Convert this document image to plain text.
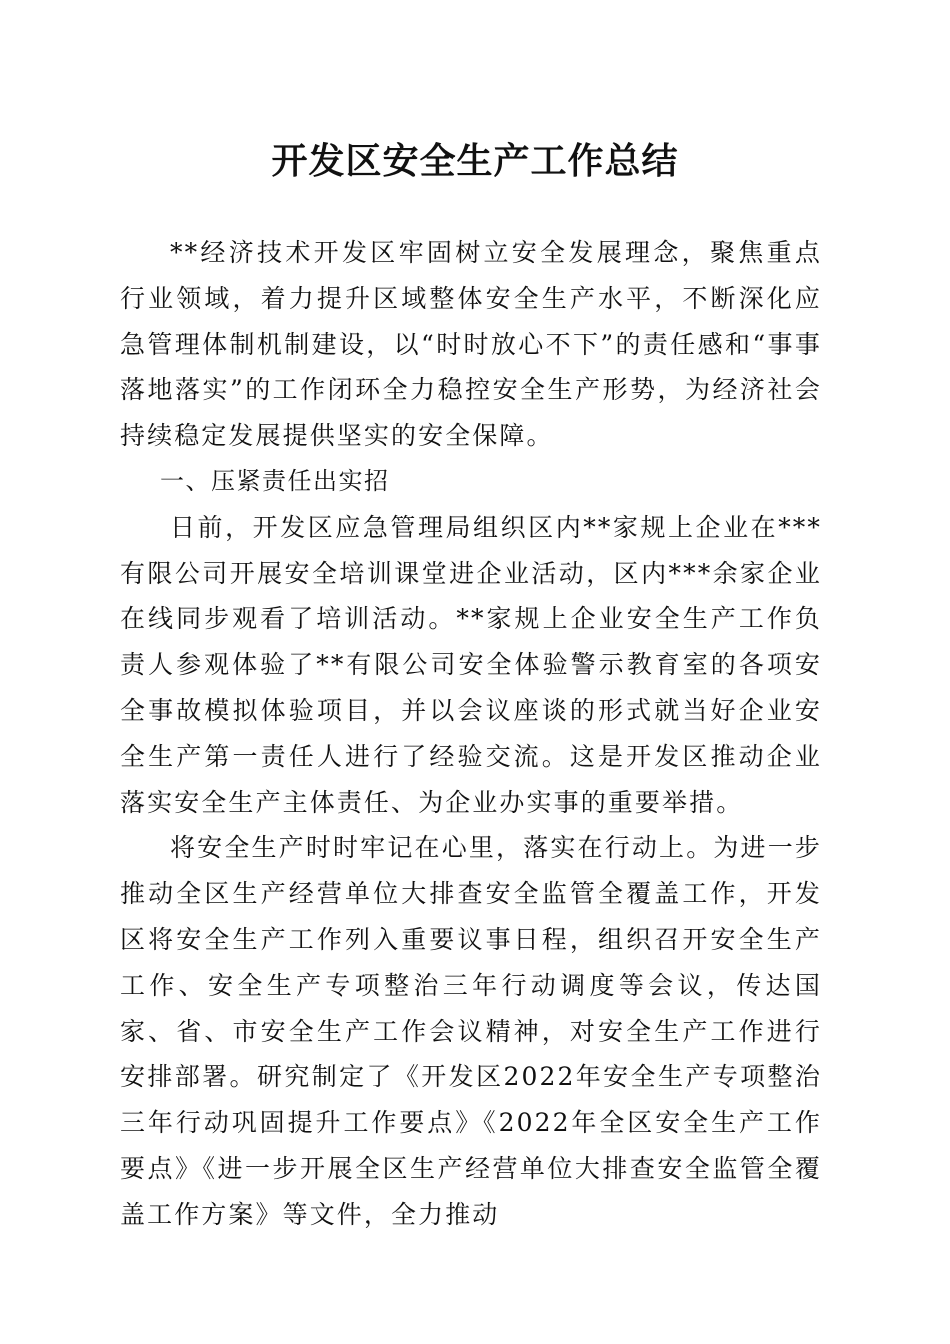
开发区安全生产工作总结

**经济技术开发区牢固树立安全发展理念，聚焦重点行业领域，着力提升区域整体安全生产水平，不断深化应急管理体制机制建设，以“时时放心不下”的责任感和“事事落地落实”的工作闭环全力稳控安全生产形势，为经济社会持续稳定发展提供坚实的安全保障。

一、压紧责任出实招

日前，开发区应急管理局组织区内**家规上企业在***有限公司开展安全培训课堂进企业活动，区内***余家企业在线同步观看了培训活动。**家规上企业安全生产工作负责人参观体验了**有限公司安全体验警示教育室的各项安全事故模拟体验项目，并以会议座谈的形式就当好企业安全生产第一责任人进行了经验交流。这是开发区推动企业落实安全生产主体责任、为企业办实事的重要举措。

将安全生产时时牢记在心里，落实在行动上。为进一步推动全区生产经营单位大排查安全监管全覆盖工作，开发区将安全生产工作列入重要议事日程，组织召开安全生产工作、安全生产专项整治三年行动调度等会议，传达国家、省、市安全生产工作会议精神，对安全生产工作进行安排部署。研究制定了《开发区2022年安全生产专项整治三年行动巩固提升工作要点》《2022年全区安全生产工作要点》《进一步开展全区生产经营单位大排查安全监管全覆盖工作方案》等文件，全力推动
